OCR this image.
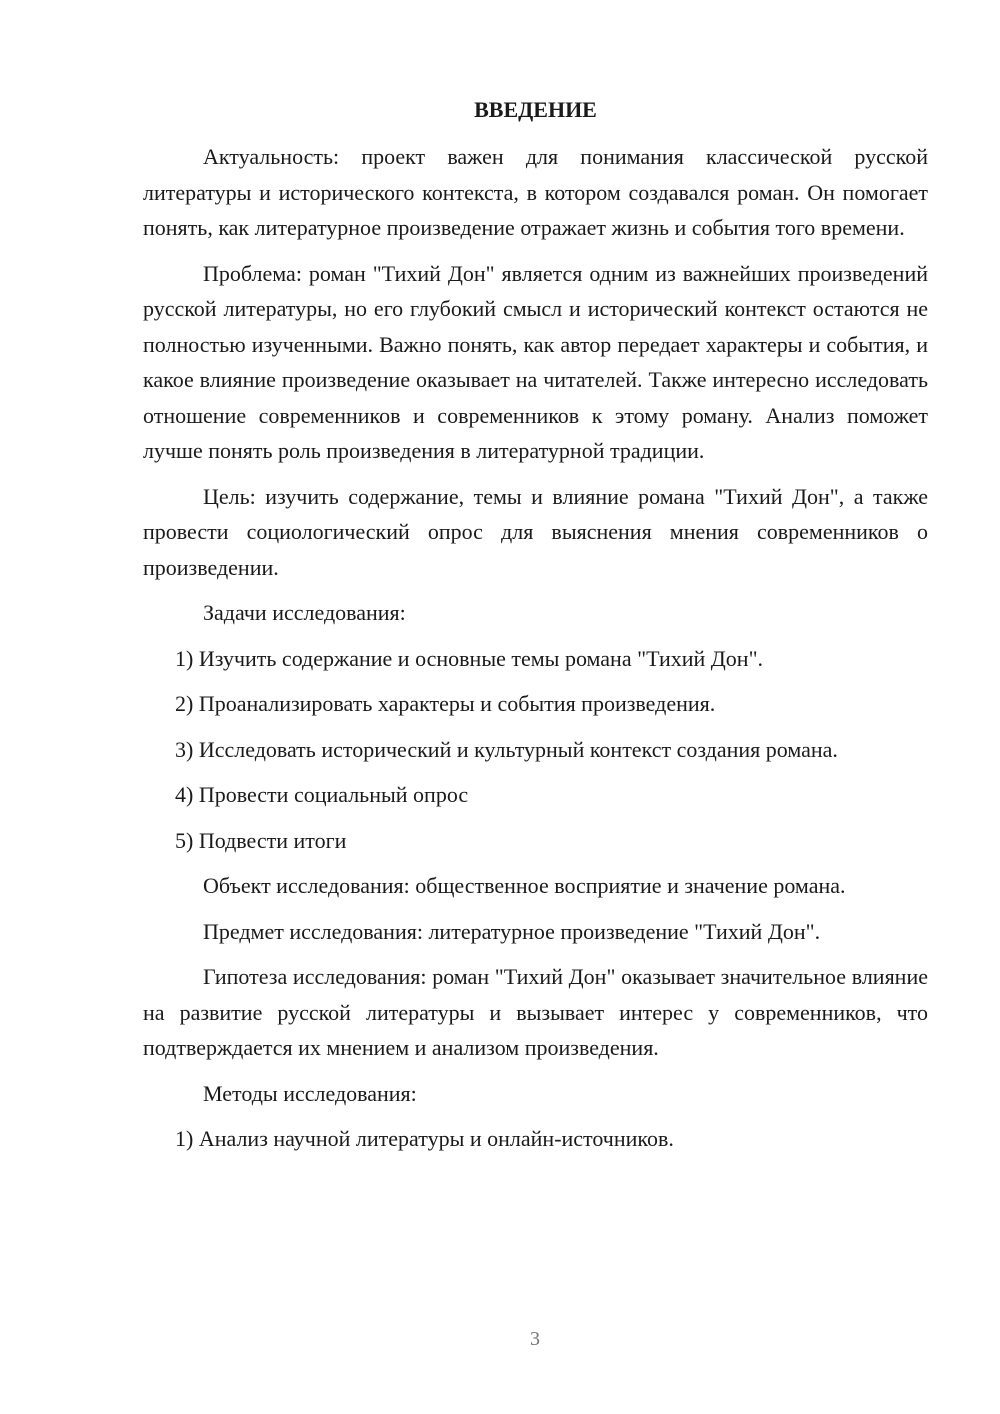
ВВЕДЕНИЕ

Актуальность: проект важен для понимания классической русской литературы и исторического контекста, в котором создавался роман. Он помогает понять, как литературное произведение отражает жизнь и события того времени.

Проблема: роман "Тихий Дон" является одним из важнейших произведений русской литературы, но его глубокий смысл и исторический контекст остаются не полностью изученными. Важно понять, как автор передает характеры и события, и какое влияние произведение оказывает на читателей. Также интересно исследовать отношение современников и современников к этому роману. Анализ поможет лучше понять роль произведения в литературной традиции.

Цель: изучить содержание, темы и влияние романа "Тихий Дон", а также провести социологический опрос для выяснения мнения современников о произведении.

Задачи исследования:

1) Изучить содержание и основные темы романа "Тихий Дон".

2) Проанализировать характеры и события произведения.

3) Исследовать исторический и культурный контекст создания романа.

4) Провести социальный опрос

5) Подвести итоги

Объект исследования: общественное восприятие и значение романа.

Предмет исследования: литературное произведение "Тихий Дон".

Гипотеза исследования: роман "Тихий Дон" оказывает значительное влияние на развитие русской литературы и вызывает интерес у современников, что подтверждается их мнением и анализом произведения.

Методы исследования:

1) Анализ научной литературы и онлайн-источников.

3
